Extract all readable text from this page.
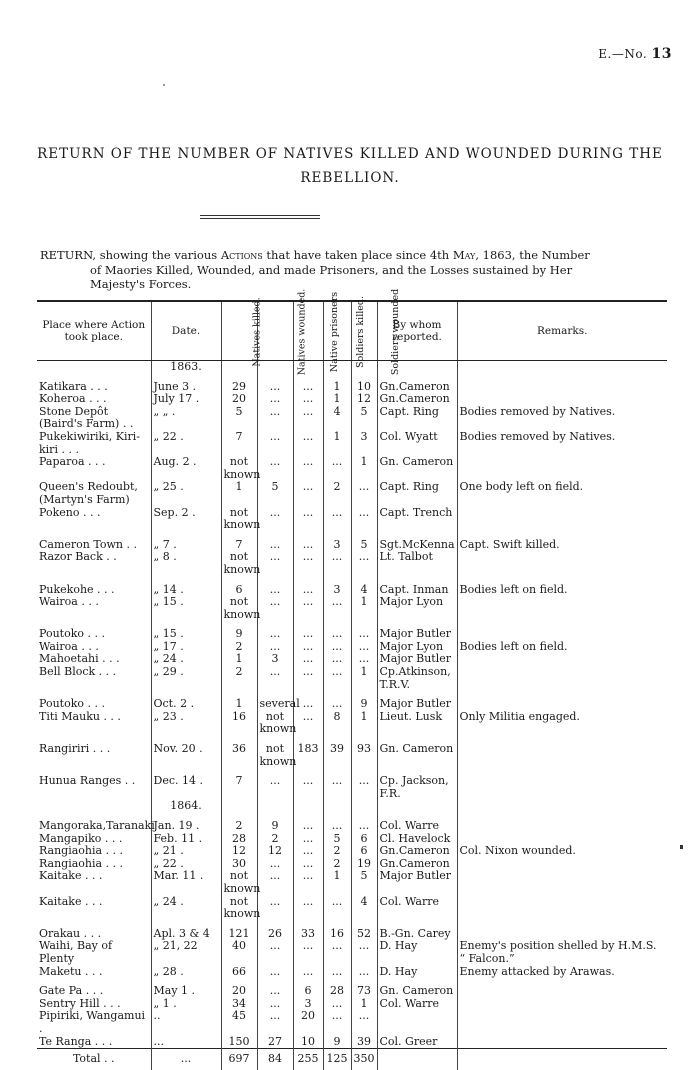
E.—No. 13
RETURN OF THE NUMBER OF NATIVES KILLED AND WOUNDED DURING THE
REBELLION.
RETURN, showing the various Actions that have taken place since 4th May, 1863, the Number
of Maories Killed, Wounded, and made Prisoners, and the Losses sustained by Her
Majesty's Forces.
Place where Action took place.	Date.	Natives killed.	Natives wounded.	Native prisoners	Soldiers killed.	Soldiers wounded	By whom reported.	Remarks.
	1863.							
Katikara . . .	June 3 .	29	...	...	1	10	Gn.Cameron	
Koheroa . . .	July 17 .	20	...	...	1	12	Gn.Cameron	
Stone Depôt (Baird's Farm) . .	„ „ .	5	...	...	4	5	Capt. Ring	Bodies removed by Natives.
Pukekiwiriki, Kiri-kiri . . .	„ 22 .	7	...	...	1	3	Col. Wyatt	Bodies removed by Natives.
Paparoa . . .	Aug. 2 .	not known	...	...	...	1	Gn. Cameron	
Queen's Redoubt, (Martyn's Farm)	„ 25 .	1	5	...	2	...	Capt. Ring	One body left on field.
Pokeno . . .	Sep. 2 .	not known	...	...	...	...	Capt. Trench	
Cameron Town . .	„ 7 .	7	...	...	3	5	Sgt.McKenna	Capt. Swift killed.
Razor Back . .	„ 8 .	not known	...	...	...	...	Lt. Talbot	
Pukekohe . . .	„ 14 .	6	...	...	3	4	Capt. Inman	Bodies left on field.
Wairoa . . .	„ 15 .	not known	...	...	...	1	Major Lyon	
Poutoko . . .	„ 15 .	9	...	...	...	...	Major Butler	
Wairoa . . .	„ 17 .	2	...	...	...	...	Major Lyon	Bodies left on field.
Mahoetahi . . .	„ 24 .	1	3	...	...	...	Major Butler	
Bell Block . . .	„ 29 .	2	...	...	...	1	Cp.Atkinson, T.R.V.	
Poutoko . . .	Oct. 2 .	1	several	...	...	9	Major Butler	
Titi Mauku . . .	„ 23 .	16	not known	...	8	1	Lieut. Lusk	Only Militia engaged.
Rangiriri . . .	Nov. 20 .	36	not known	183	39	93	Gn. Cameron	
Hunua Ranges . .	Dec. 14 .	7	...	...	...	...	Cp. Jackson, F.R.	
	1864.							
Mangoraka,Taranaki	Jan. 19 .	2	9	...	...	...	Col. Warre	
Mangapiko . . .	Feb. 11 .	28	2	...	5	6	Cl. Havelock	
Rangiaohia . . .	„ 21 .	12	12	...	2	6	Gn.Cameron	Col. Nixon wounded.
Rangiaohia . . .	„ 22 .	30	...	...	2	19	Gn.Cameron	
Kaitake . . .	Mar. 11 .	not known	...	...	1	5	Major Butler	
Kaitake . . .	„ 24 .	not known	...	...	...	4	Col. Warre	
Orakau . . .	Apl. 3 & 4	121	26	33	16	52	B.-Gn. Carey	
Waihi, Bay of Plenty	„ 21, 22	40	...	...	...	...	D. Hay	Enemy's position shelled by H.M.S. “ Falcon.”
Maketu . . .	„ 28 .	66	...	...	...	...	D. Hay	Enemy attacked by Arawas.
Gate Pa . . .	May 1 .	20	...	6	28	73	Gn. Cameron	
Sentry Hill . . .	„ 1 .	34	...	3	...	1	Col. Warre	
Pipiriki, Wangamui .	..	45	...	20	...	...		
Te Ranga . . .	...	150	27	10	9	39	Col. Greer	
Total . .	...	697	84	255	125	350		
